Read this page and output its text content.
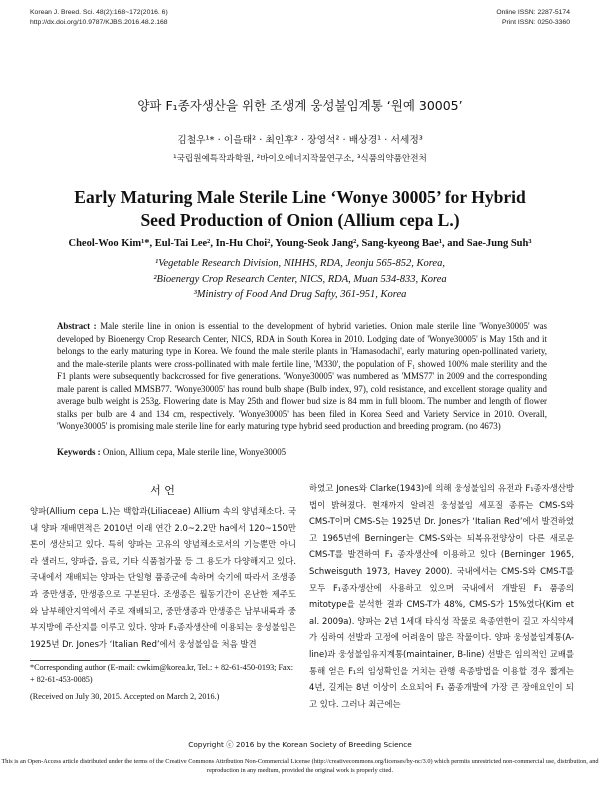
Korean J. Breed. Sci. 48(2):168~172(2016. 6)
http://dx.doi.org/10.9787/KJBS.2016.48.2.168
Online ISSN: 2287-5174
Print ISSN: 0250-3360
양파 F₁종자생산을 위한 조생계 웅성불임계통 ‘원예 30005’
김철우¹* · 이을태² · 최인후² · 장영석² · 배상경¹ · 서세정³
¹국립원예특작과학원, ²바이오에너지작물연구소, ³식품의약품안전처
Early Maturing Male Sterile Line ‘Wonye 30005’ for Hybrid
Seed Production of Onion (Allium cepa L.)
Cheol-Woo Kim¹*, Eul-Tai Lee², In-Hu Choi², Young-Seok Jang², Sang-kyeong Bae¹, and Sae-Jung Suh³
¹Vegetable Research Division, NIHHS, RDA, Jeonju 565-852, Korea,
²Bioenergy Crop Research Center, NICS, RDA, Muan 534-833, Korea
³Ministry of Food And Drug Safty, 361-951, Korea
Abstract : Male sterile line in onion is essential to the development of hybrid varieties. Onion male sterile line 'Wonye30005' was developed by Bioenergy Crop Research Center, NICS, RDA in South Korea in 2010. Lodging date of 'Wonye30005' is May 15th and it belongs to the early maturing type in Korea. We found the male sterile plants in 'Hamasodachi', early maturing open-pollinated variety, and the male-sterile plants were cross-pollinated with male fertile line, 'M330', the population of F₁ showed 100% male sterility and the F1 plants were subsequently backcrossed for five generations. 'Wonye30005' was numbered as 'MMS77' in 2009 and the corresponding male parent is called MMSB77. 'Wonye30005' has round bulb shape (Bulb index, 97), cold resistance, and excellent storage quality and average bulb weight is 253g. Flowering date is May 25th and flower bud size is 84 mm in full bloom. The number and length of flower stalks per bulb are 4 and 134 cm, respectively. 'Wonye30005' has been filed in Korea Seed and Variety Service in 2010. Overall, 'Wonye30005' is promising male sterile line for early maturing type hybrid seed production and breeding program. (no 4673)
Keywords : Onion, Allium cepa, Male sterile line, Wonye30005
서 언

양파(Allium cepa L.)는 백합과(Liliaceae) Allium 속의 양념채소다. 국내 양파 재배면적은 2010년 이래 연간 2.0~2.2만 ha에서 120~150만 톤이 생산되고 있다. 특히 양파는 고유의 양념채소로서의 기능뿐만 아니라 샐러드, 양파즙, 음료, 기타 식품첨가물 등 그 용도가 다양해지고 있다. 국내에서 재배되는 양파는 단일형 품종군에 속하며 숙기에 따라서 조생종과 중만생종, 만생종으로 구분된다. 조생종은 월동기간이 온난한 제주도와 남부해안지역에서 주로 재배되고, 중만생종과 만생종은 남부내륙과 중부지방에 주산지를 이루고 있다. 양파 F₁종자생산에 이용되는 웅성불임은 1925년 Dr. Jones가 ‘Italian Red’에서 웅성불임을 처음 발견

하였고 Jones와 Clarke(1943)에 의해 웅성불임의 유전과 F₁종자생산방법이 밝혀졌다. 현재까지 알려진 웅성불임 세포질 종류는 CMS-S와 CMS-T이며 CMS-S는 1925년 Dr. Jones가 ‘Italian Red’에서 발견하였고 1965년에 Berninger는 CMS-S와는 되복유전양상이 다른 새로운 CMS-T를 발견하여 F₁ 종자생산에 이용하고 있다 (Berninger 1965, Schweisguth 1973, Havey 2000). 국내에서는 CMS-S와 CMS-T를 모두 F₁종자생산에 사용하고 있으며 국내에서 개발된 F₁ 품종의 mitotype을 분석한 결과 CMS-T가 48%, CMS-S가 15%였다(Kim et al. 2009a). 양파는 2년 1세대 타식성 작물로 육종연한이 길고 자식약세가 심하여 선발과 고정에 어려움이 많은 작물이다. 양파 웅성불임계통(A-line)과 웅성불임유지계통(maintainer, B-line) 선발은 임의적인 교배를 통해 얻은 F₁의 임성확인을 거치는 관행 육종방법을 이용할 경우 짧게는 4년, 길게는 8년 이상이 소요되어 F₁ 품종개발에 가장 큰 장애요인이 되고 있다. 그러나 최근에는

*Corresponding author (E-mail: cwkim@korea.kr, Tel.: + 82-61-450-0193; Fax: + 82-61-453-0085)
(Received on July 30, 2015. Accepted on March 2, 2016.)
Copyright ⓒ 2016 by the Korean Society of Breeding Science
This is an Open-Access article distributed under the terms of the Creative Commons Attribution Non-Commercial License (http://creativecommons.org/licenses/by-nc/3.0) which permits unrestricted non-commercial use, distribution, and reproduction in any medium, provided the original work is properly cited.
